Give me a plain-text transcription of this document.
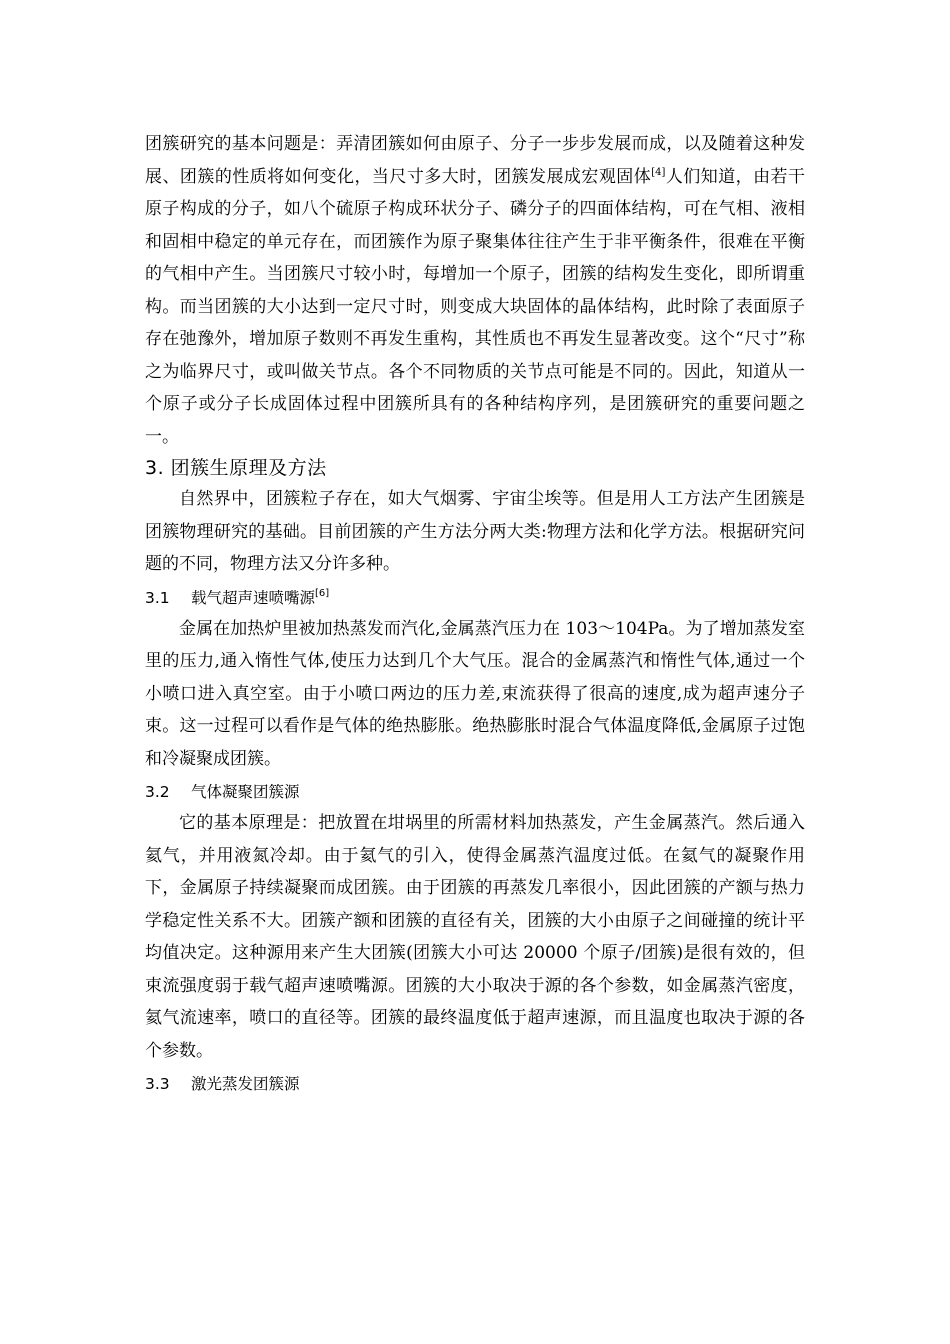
团簇研究的基本问题是：弄清团簇如何由原子、分子一步步发展而成，以及随着这种发展、团簇的性质将如何变化，当尺寸多大时，团簇发展成宏观固体[4]人们知道，由若干原子构成的分子，如八个硫原子构成环状分子、磷分子的四面体结构，可在气相、液相和固相中稳定的单元存在，而团簇作为原子聚集体往往产生于非平衡条件，很难在平衡的气相中产生。当团簇尺寸较小时，每增加一个原子，团簇的结构发生变化，即所谓重构。而当团簇的大小达到一定尺寸时，则变成大块固体的晶体结构，此时除了表面原子存在弛豫外，增加原子数则不再发生重构，其性质也不再发生显著改变。这个“尺寸”称之为临界尺寸，或叫做关节点。各个不同物质的关节点可能是不同的。因此，知道从一个原子或分子长成固体过程中团簇所具有的各种结构序列，是团簇研究的重要问题之一。

3. 团簇生原理及方法

自然界中，团簇粒子存在，如大气烟雾、宇宙尘埃等。但是用人工方法产生团簇是团簇物理研究的基础。目前团簇的产生方法分两大类:物理方法和化学方法。根据研究问题的不同，物理方法又分许多种。

3.1 载气超声速喷嘴源[6]

金属在加热炉里被加热蒸发而汽化,金属蒸汽压力在 103～104Pa。为了增加蒸发室里的压力,通入惰性气体,使压力达到几个大气压。混合的金属蒸汽和惰性气体,通过一个小喷口进入真空室。由于小喷口两边的压力差,束流获得了很高的速度,成为超声速分子束。这一过程可以看作是气体的绝热膨胀。绝热膨胀时混合气体温度降低,金属原子过饱和冷凝聚成团簇。

3.2 气体凝聚团簇源

它的基本原理是：把放置在坩埚里的所需材料加热蒸发，产生金属蒸汽。然后通入氦气，并用液氮冷却。由于氦气的引入，使得金属蒸汽温度过低。在氦气的凝聚作用下，金属原子持续凝聚而成团簇。由于团簇的再蒸发几率很小，因此团簇的产额与热力学稳定性关系不大。团簇产额和团簇的直径有关，团簇的大小由原子之间碰撞的统计平均值决定。这种源用来产生大团簇(团簇大小可达 20000 个原子/团簇)是很有效的，但束流强度弱于载气超声速喷嘴源。团簇的大小取决于源的各个参数，如金属蒸汽密度，氦气流速率，喷口的直径等。团簇的最终温度低于超声速源，而且温度也取决于源的各个参数。

3.3 激光蒸发团簇源
